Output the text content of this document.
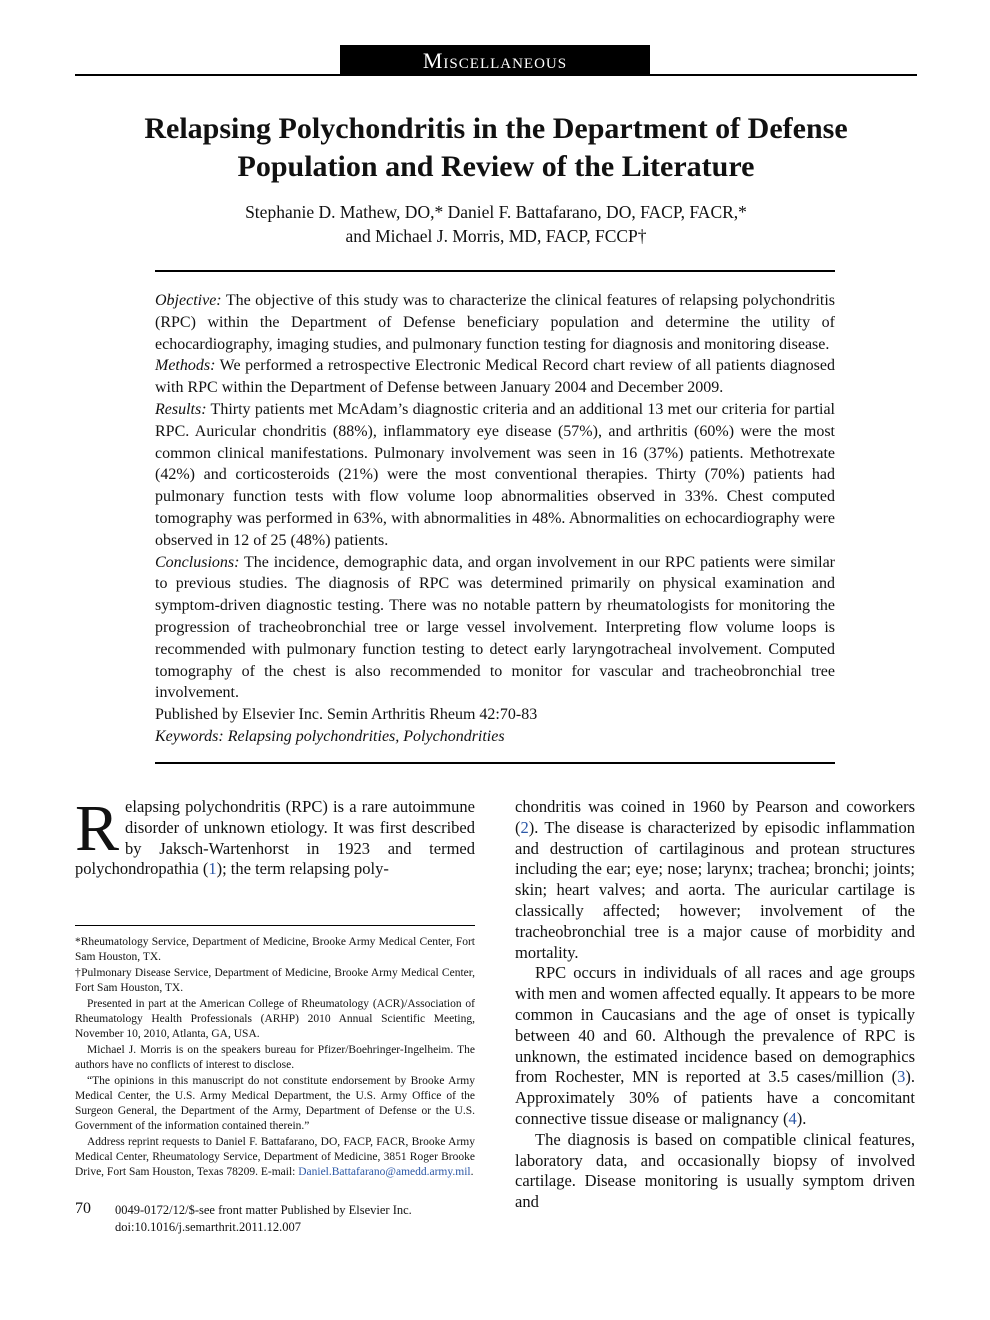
Miscellaneous
Relapsing Polychondritis in the Department of Defense
Population and Review of the Literature
Stephanie D. Mathew, DO,* Daniel F. Battafarano, DO, FACP, FACR,*
and Michael J. Morris, MD, FACP, FCCP†

Objective: The objective of this study was to characterize the clinical features of relapsing polychondritis (RPC) within the Department of Defense beneficiary population and determine the utility of echocardiography, imaging studies, and pulmonary function testing for diagnosis and monitoring disease.

Methods: We performed a retrospective Electronic Medical Record chart review of all patients diagnosed with RPC within the Department of Defense between January 2004 and December 2009.

Results: Thirty patients met McAdam’s diagnostic criteria and an additional 13 met our criteria for partial RPC. Auricular chondritis (88%), inflammatory eye disease (57%), and arthritis (60%) were the most common clinical manifestations. Pulmonary involvement was seen in 16 (37%) patients. Methotrexate (42%) and corticosteroids (21%) were the most conventional therapies. Thirty (70%) patients had pulmonary function tests with flow volume loop abnormalities observed in 33%. Chest computed tomography was performed in 63%, with abnormalities in 48%. Abnormalities on echocardiography were observed in 12 of 25 (48%) patients.

Conclusions: The incidence, demographic data, and organ involvement in our RPC patients were similar to previous studies. The diagnosis of RPC was determined primarily on physical examination and symptom-driven diagnostic testing. There was no notable pattern by rheumatologists for monitoring the progression of tracheobronchial tree or large vessel involvement. Interpreting flow volume loops is recommended with pulmonary function testing to detect early laryngotracheal involvement. Computed tomography of the chest is also recommended to monitor for vascular and tracheobronchial tree involvement.

Published by Elsevier Inc. Semin Arthritis Rheum 42:70-83

Keywords: Relapsing polychondrities, Polychondrities

Relapsing polychondritis (RPC) is a rare autoimmune disorder of unknown etiology. It was first described by Jaksch-Wartenhorst in 1923 and termed polychondropathia (1); the term relapsing poly-

chondritis was coined in 1960 by Pearson and coworkers (2). The disease is characterized by episodic inflammation and destruction of cartilaginous and protean structures including the ear; eye; nose; larynx; trachea; bronchi; joints; skin; heart valves; and aorta. The auricular cartilage is classically affected; however; involvement of the tracheobronchial tree is a major cause of morbidity and mortality.

RPC occurs in individuals of all races and age groups with men and women affected equally. It appears to be more common in Caucasians and the age of onset is typically between 40 and 60. Although the prevalence of RPC is unknown, the estimated incidence based on demographics from Rochester, MN is reported at 3.5 cases/million (3). Approximately 30% of patients have a concomitant connective tissue disease or malignancy (4).

The diagnosis is based on compatible clinical features, laboratory data, and occasionally biopsy of involved cartilage. Disease monitoring is usually symptom driven and

*Rheumatology Service, Department of Medicine, Brooke Army Medical Center, Fort Sam Houston, TX.

†Pulmonary Disease Service, Department of Medicine, Brooke Army Medical Center, Fort Sam Houston, TX.

Presented in part at the American College of Rheumatology (ACR)/Association of Rheumatology Health Professionals (ARHP) 2010 Annual Scientific Meeting, November 10, 2010, Atlanta, GA, USA.

Michael J. Morris is on the speakers bureau for Pfizer/Boehringer-Ingelheim. The authors have no conflicts of interest to disclose.

“The opinions in this manuscript do not constitute endorsement by Brooke Army Medical Center, the U.S. Army Medical Department, the U.S. Army Office of the Surgeon General, the Department of the Army, Department of Defense or the U.S. Government of the information contained therein.”

Address reprint requests to Daniel F. Battafarano, DO, FACP, FACR, Brooke Army Medical Center, Rheumatology Service, Department of Medicine, 3851 Roger Brooke Drive, Fort Sam Houston, Texas 78209. E-mail: Daniel.Battafarano@amedd.army.mil.

70 0049-0172/12/$-see front matter Published by Elsevier Inc.
doi:10.1016/j.semarthrit.2011.12.007
